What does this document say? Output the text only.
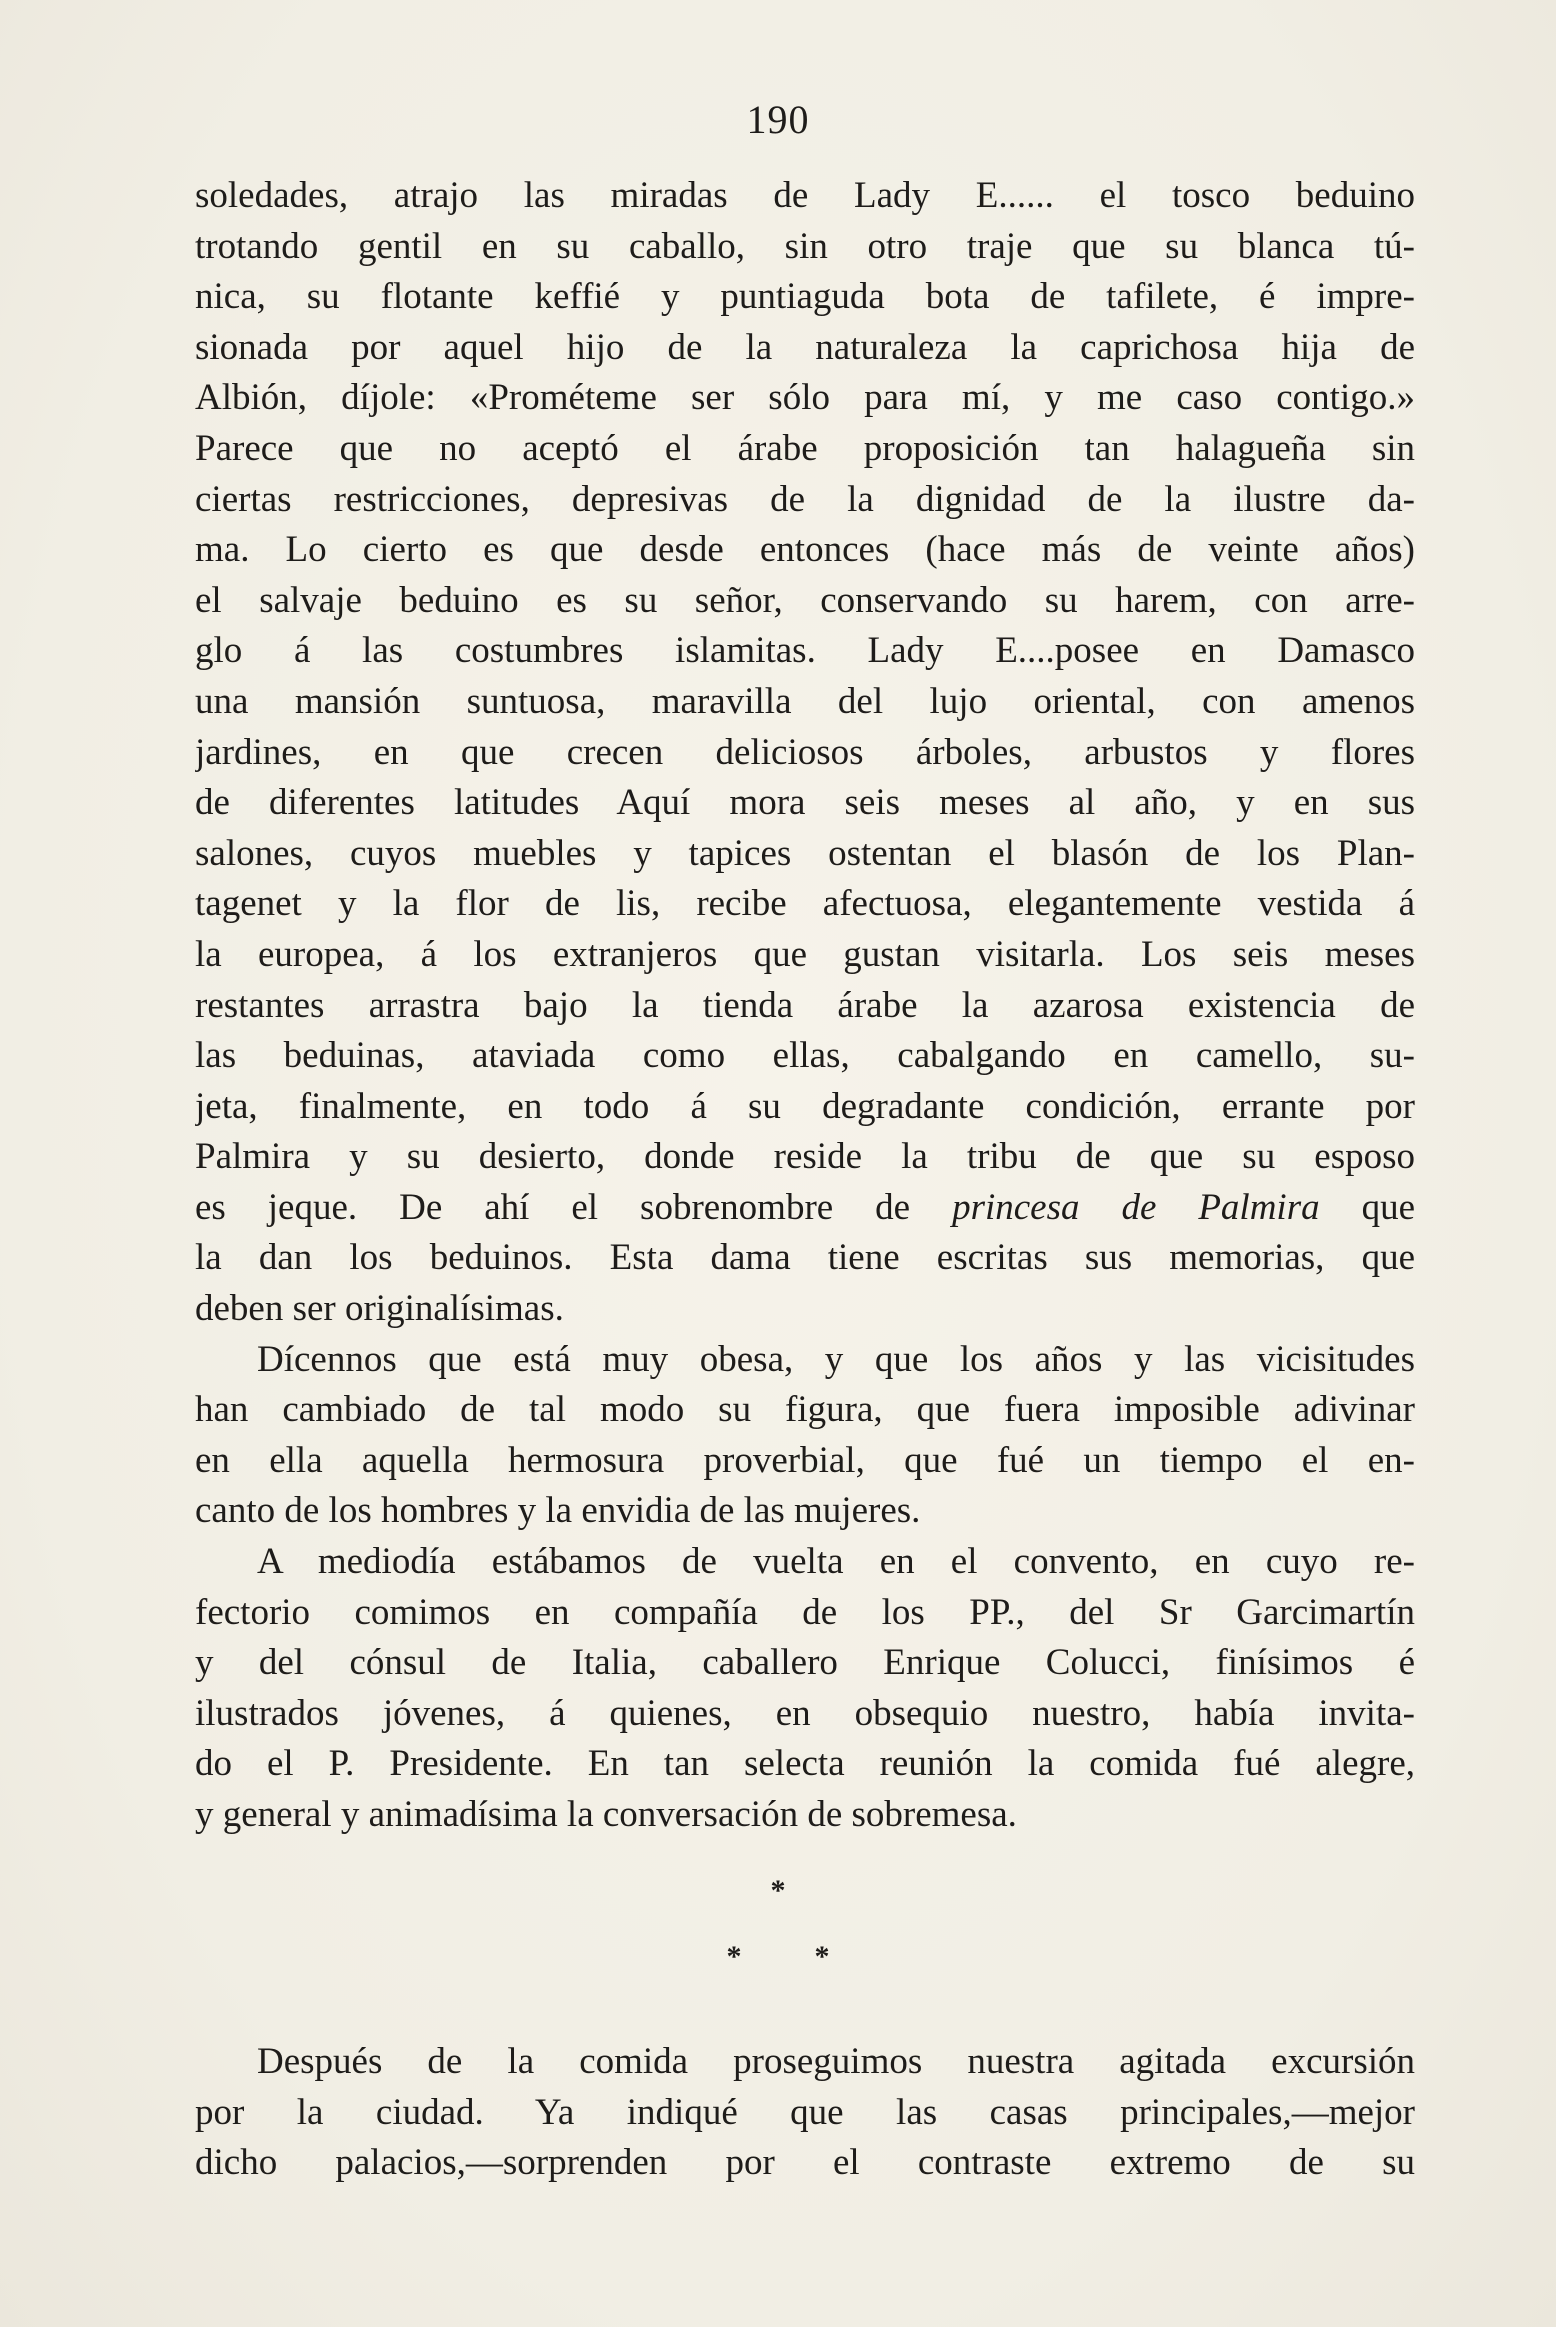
190
soledades, atrajo las miradas de Lady E...... el tosco beduino
trotando gentil en su caballo, sin otro traje que su blanca tú-
nica, su flotante keffié y puntiaguda bota de tafilete, é impre-
sionada por aquel hijo de la naturaleza la caprichosa hija de
Albión, díjole: «Prométeme ser sólo para mí, y me caso contigo.»
Parece que no aceptó el árabe proposición tan halagueña sin
ciertas restricciones, depresivas de la dignidad de la ilustre da-
ma. Lo cierto es que desde entonces (hace más de veinte años)
el salvaje beduino es su señor, conservando su harem, con arre-
glo á las costumbres islamitas. Lady E....posee en Damasco
una mansión suntuosa, maravilla del lujo oriental, con amenos
jardines, en que crecen deliciosos árboles, arbustos y flores
de diferentes latitudes Aquí mora seis meses al año, y en sus
salones, cuyos muebles y tapices ostentan el blasón de los Plan-
tagenet y la flor de lis, recibe afectuosa, elegantemente vestida á
la europea, á los extranjeros que gustan visitarla. Los seis meses
restantes arrastra bajo la tienda árabe la azarosa existencia de
las beduinas, ataviada como ellas, cabalgando en camello, su-
jeta, finalmente, en todo á su degradante condición, errante por
Palmira y su desierto, donde reside la tribu de que su esposo
es jeque. De ahí el sobrenombre de princesa de Palmira que
la dan los beduinos. Esta dama tiene escritas sus memorias, que
deben ser originalísimas.
Dícennos que está muy obesa, y que los años y las vicisitudes
han cambiado de tal modo su figura, que fuera imposible adivinar
en ella aquella hermosura proverbial, que fué un tiempo el en-
canto de los hombres y la envidia de las mujeres.
A mediodía estábamos de vuelta en el convento, en cuyo re-
fectorio comimos en compañía de los PP., del Sr Garcimartín
y del cónsul de Italia, caballero Enrique Colucci, finísimos é
ilustrados jóvenes, á quienes, en obsequio nuestro, había invita-
do el P. Presidente. En tan selecta reunión la comida fué alegre,
y general y animadísima la conversación de sobremesa.
*
* *
Después de la comida proseguimos nuestra agitada excursión
por la ciudad. Ya indiqué que las casas principales,—mejor
dicho palacios,—sorprenden por el contraste extremo de su
